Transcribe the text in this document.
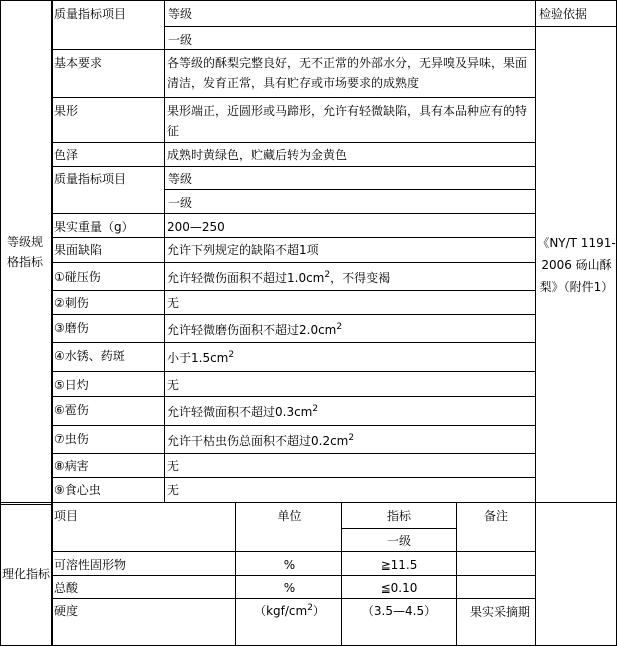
等级规格指标
质量指标项目	等级	检验依据
一级
基本要求	各等级的酥梨完整良好，无不正常的外部水分，无异嗅及异味，果面清洁，发育正常，具有贮存或市场要求的成熟度
果形	果形端正，近圆形或马蹄形，允许有轻微缺陷，具有本品种应有的特征
色泽	成熟时黄绿色，贮藏后转为金黄色
质量指标项目	等级
一级
果实重量（g）	200—250
果面缺陷	允许下列规定的缺陷不超1项
①碰压伤	允许轻微伤面积不超过$1.0cm^2$，不得变褐
②刺伤	无
③磨伤	允许轻微磨伤面积不超过$2.0cm^2$
④水锈、药斑	小于$1.5cm^2$
⑤日灼	无
⑥雹伤	允许轻微面积不超过$0.3cm^2$
⑦虫伤	允许干枯虫伤总面积不超过$0.2cm^2$
⑧病害	无
⑨食心虫	无
《NY/T 1191-2006 砀山酥梨》（附件1）
理化指标
项目	单位	指标	备注
一级
可溶性固形物	%	≧11.5
总酸	%	≦0.10
硬度	$(kgf/cm^2)$	（3.5—4.5）	果实采摘期
